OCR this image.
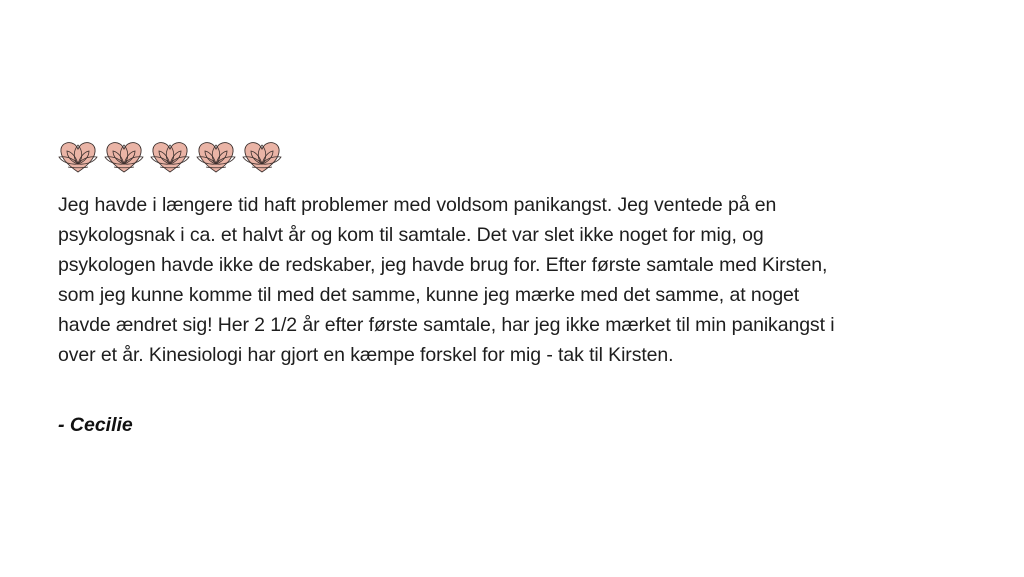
Jeg havde i længere tid haft problemer med voldsom panikangst. Jeg ventede på en
psykologsnak i ca. et halvt år og kom til samtale. Det var slet ikke noget for mig, og
psykologen havde ikke de redskaber, jeg havde brug for. Efter første samtale med Kirsten,
som jeg kunne komme til med det samme, kunne jeg mærke med det samme, at noget
havde ændret sig! Her 2 1/2 år efter første samtale, har jeg ikke mærket til min panikangst i
over et år. Kinesiologi har gjort en kæmpe forskel for mig - tak til Kirsten.

- Cecilie
